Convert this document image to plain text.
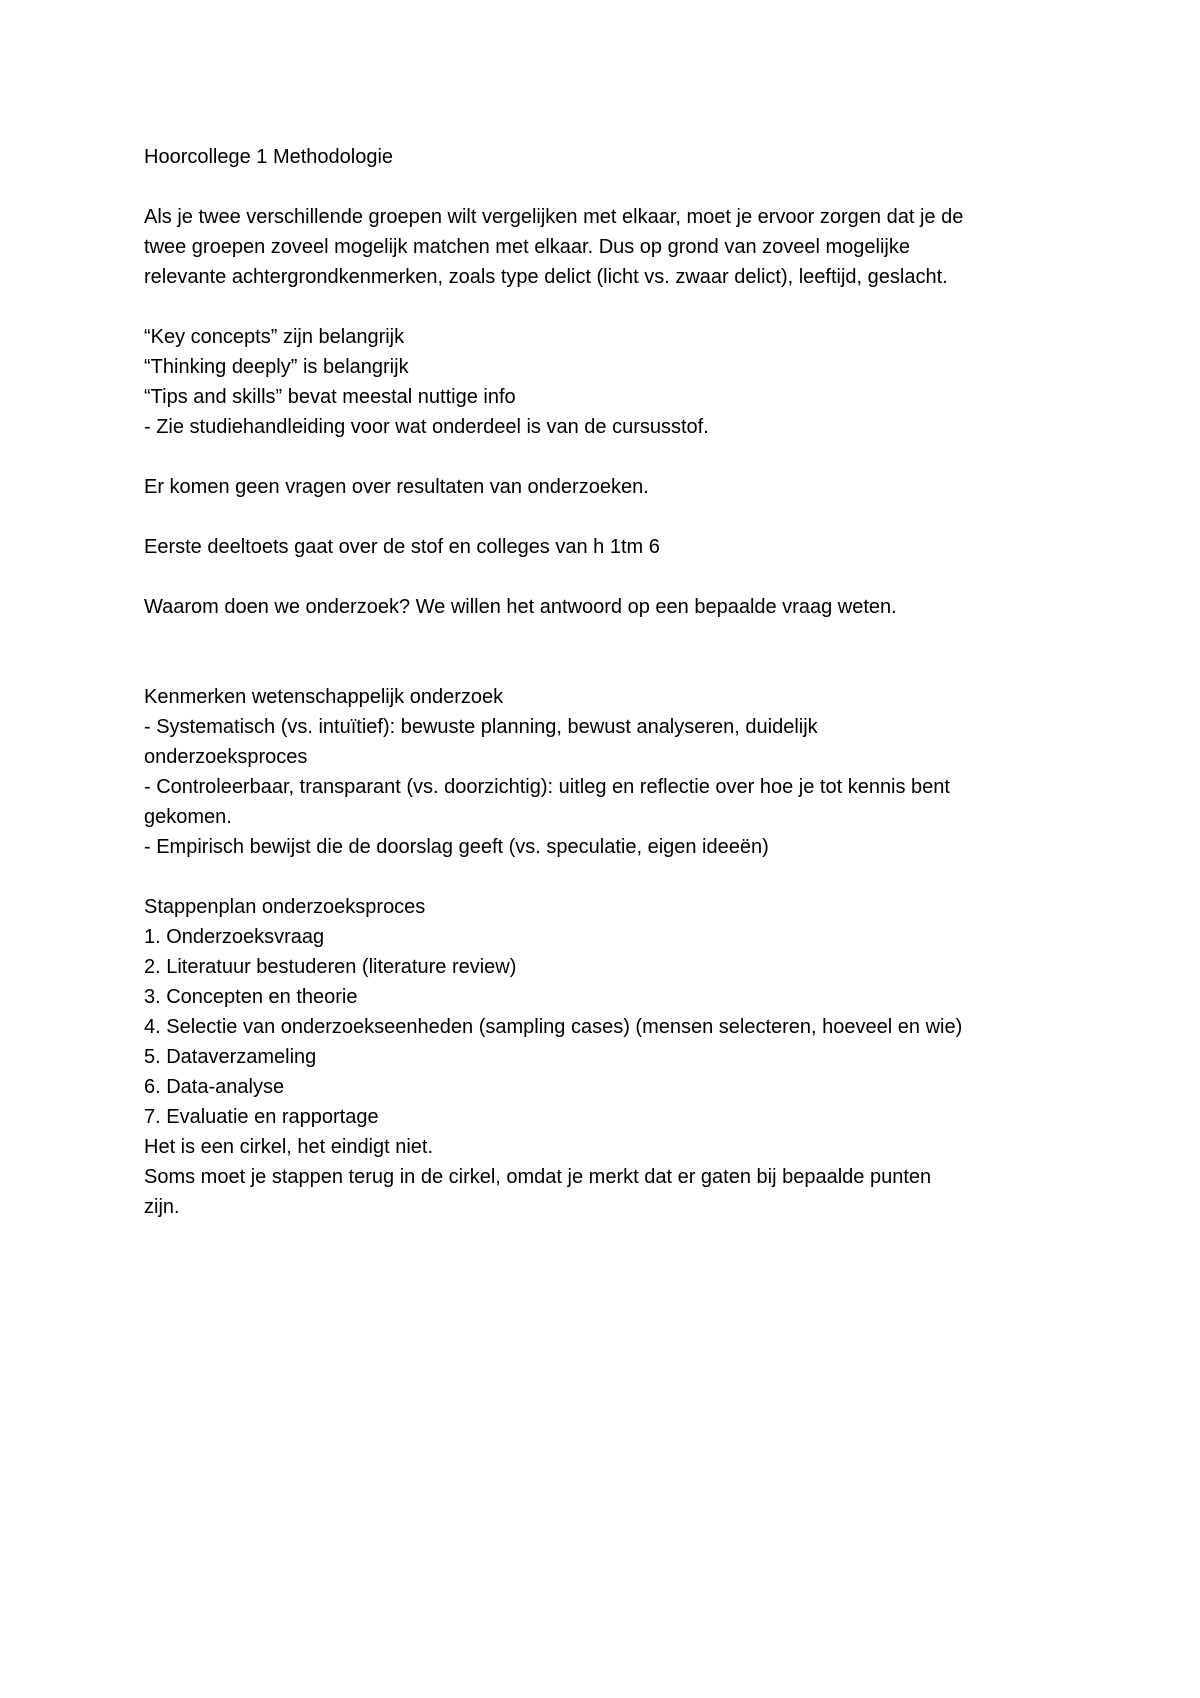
Hoorcollege 1 Methodologie
Als je twee verschillende groepen wilt vergelijken met elkaar, moet je ervoor zorgen dat je de
twee groepen zoveel mogelijk matchen met elkaar. Dus op grond van zoveel mogelijke
relevante achtergrondkenmerken, zoals type delict (licht vs. zwaar delict), leeftijd, geslacht.
“Key concepts” zijn belangrijk
“Thinking deeply” is belangrijk
“Tips and skills” bevat meestal nuttige info
- Zie studiehandleiding voor wat onderdeel is van de cursusstof.
Er komen geen vragen over resultaten van onderzoeken.
Eerste deeltoets gaat over de stof en colleges van h 1tm 6
Waarom doen we onderzoek? We willen het antwoord op een bepaalde vraag weten.
Kenmerken wetenschappelijk onderzoek
- Systematisch (vs. intuïtief): bewuste planning, bewust analyseren, duidelijk
onderzoeksproces
- Controleerbaar, transparant (vs. doorzichtig): uitleg en reflectie over hoe je tot kennis bent
gekomen.
- Empirisch bewijst die de doorslag geeft (vs. speculatie, eigen ideeën)
Stappenplan onderzoeksproces
1. Onderzoeksvraag
2. Literatuur bestuderen (literature review)
3. Concepten en theorie
4. Selectie van onderzoekseenheden (sampling cases) (mensen selecteren, hoeveel en wie)
5. Dataverzameling
6. Data-analyse
7. Evaluatie en rapportage
Het is een cirkel, het eindigt niet.
Soms moet je stappen terug in de cirkel, omdat je merkt dat er gaten bij bepaalde punten
zijn.
